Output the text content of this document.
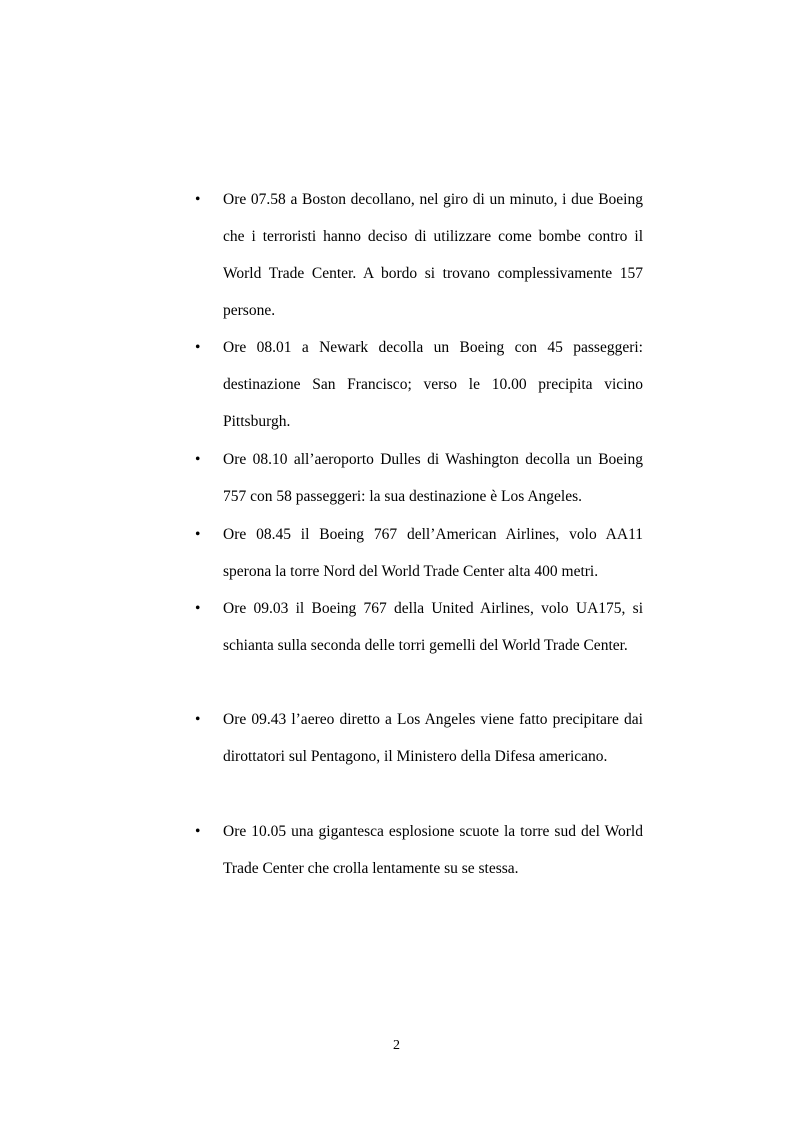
• Ore 07.58 a Boston decollano, nel giro di un minuto, i due Boeing che i terroristi hanno deciso di utilizzare come bombe contro il World Trade Center. A bordo si trovano complessivamente 157 persone.

• Ore 08.01 a Newark decolla un Boeing con 45 passeggeri: destinazione San Francisco; verso le 10.00 precipita vicino Pittsburgh.

• Ore 08.10 all’aeroporto Dulles di Washington decolla un Boeing 757 con 58 passeggeri: la sua destinazione è Los Angeles.

• Ore 08.45 il Boeing 767 dell’American Airlines, volo AA11 sperona la torre Nord del World Trade Center alta 400 metri.

• Ore 09.03 il Boeing 767 della United Airlines, volo UA175, si schianta sulla seconda delle torri gemelli del World Trade Center.

• Ore 09.43 l’aereo diretto a Los Angeles viene fatto precipitare dai dirottatori sul Pentagono, il Ministero della Difesa americano.

• Ore 10.05 una gigantesca esplosione scuote la torre sud del World Trade Center che crolla lentamente su se stessa.

2
